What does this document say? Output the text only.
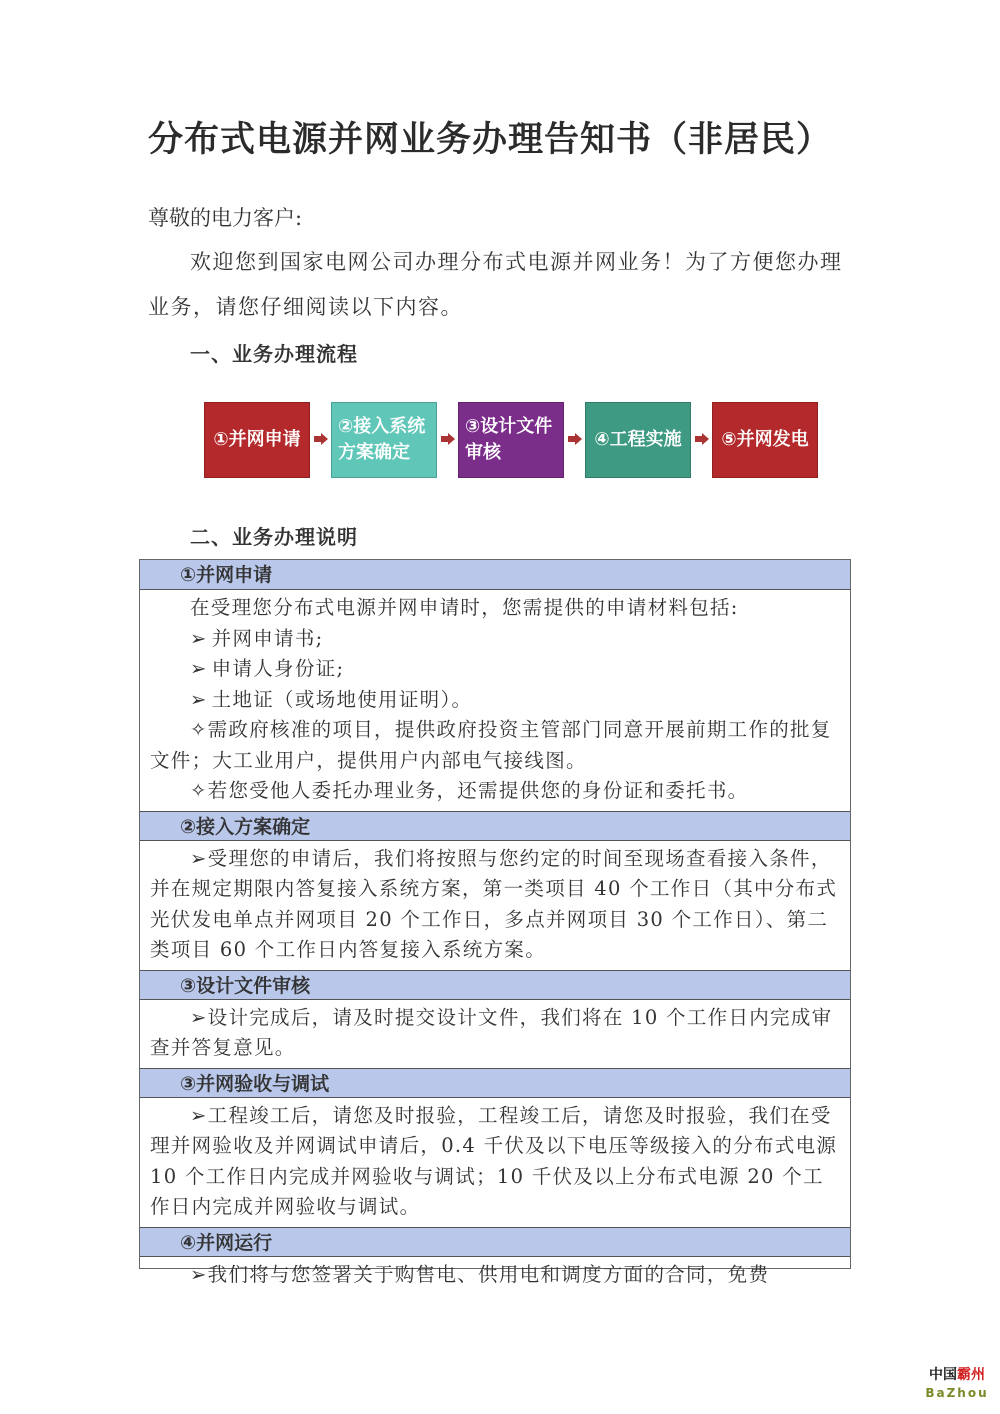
分布式电源并网业务办理告知书（非居民）
尊敬的电力客户:
欢迎您到国家电网公司办理分布式电源并网业务！为了方便您办理业务，请您仔细阅读以下内容。
一、业务办理流程
①并网申请
②接入系统方案确定
③设计文件审核
④工程实施	⑤并网发电
二、业务办理说明
①并网申请
在受理您分布式电源并网申请时，您需提供的申请材料包括:
➢ 并网申请书;
➢ 申请人身份证;
➢ 土地证（或场地使用证明）。
✧需政府核准的项目，提供政府投资主管部门同意开展前期工作的批复文件；大工业用户，提供用户内部电气接线图。
✧若您受他人委托办理业务，还需提供您的身份证和委托书。
②接入方案确定
➢受理您的申请后，我们将按照与您约定的时间至现场查看接入条件，并在规定期限内答复接入系统方案，第一类项目 40 个工作日（其中分布式光伏发电单点并网项目 20 个工作日，多点并网项目 30 个工作日）、第二类项目 60 个工作日内答复接入系统方案。
③设计文件审核
➢设计完成后，请及时提交设计文件，我们将在 10 个工作日内完成审查并答复意见。
③并网验收与调试
➢工程竣工后，请您及时报验，工程竣工后，请您及时报验，我们在受理并网验收及并网调试申请后，0.4 千伏及以下电压等级接入的分布式电源 10 个工作日内完成并网验收与调试；10 千伏及以上分布式电源 20 个工作日内完成并网验收与调试。
④并网运行
➢我们将与您签署关于购售电、供用电和调度方面的合同，免费
中国霸州
BaZhou
